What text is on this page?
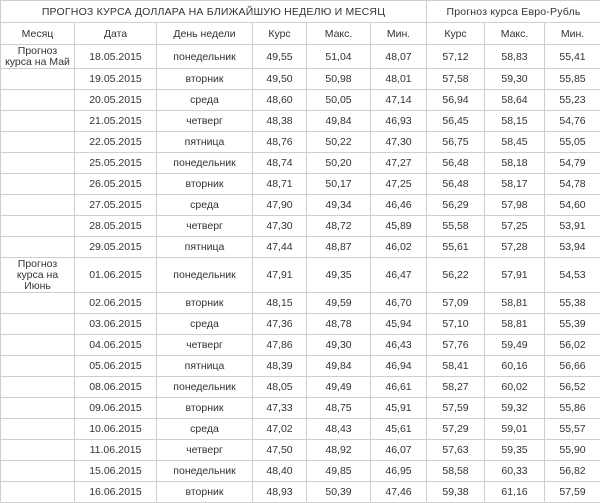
ПРОГНОЗ КУРСА ДОЛЛАРА НА БЛИЖАЙШУЮ НЕДЕЛЮ И МЕСЯЦ						Прогноз курса Евро-Рубль		
Месяц	Дата	День недели	Курс	Макс.	Мин.	Курс	Макс.	Мин.
Прогноз курса на Май	18.05.2015	понедельник	49,55	51,04	48,07	57,12	58,83	55,41
	19.05.2015	вторник	49,50	50,98	48,01	57,58	59,30	55,85
	20.05.2015	среда	48,60	50,05	47,14	56,94	58,64	55,23
	21.05.2015	четверг	48,38	49,84	46,93	56,45	58,15	54,76
	22.05.2015	пятница	48,76	50,22	47,30	56,75	58,45	55,05
	25.05.2015	понедельник	48,74	50,20	47,27	56,48	58,18	54,79
	26.05.2015	вторник	48,71	50,17	47,25	56,48	58,17	54,78
	27.05.2015	среда	47,90	49,34	46,46	56,29	57,98	54,60
	28.05.2015	четверг	47,30	48,72	45,89	55,58	57,25	53,91
	29.05.2015	пятница	47,44	48,87	46,02	55,61	57,28	53,94
Прогноз курса на Июнь	01.06.2015	понедельник	47,91	49,35	46,47	56,22	57,91	54,53
	02.06.2015	вторник	48,15	49,59	46,70	57,09	58,81	55,38
	03.06.2015	среда	47,36	48,78	45,94	57,10	58,81	55,39
	04.06.2015	четверг	47,86	49,30	46,43	57,76	59,49	56,02
	05.06.2015	пятница	48,39	49,84	46,94	58,41	60,16	56,66
	08.06.2015	понедельник	48,05	49,49	46,61	58,27	60,02	56,52
	09.06.2015	вторник	47,33	48,75	45,91	57,59	59,32	55,86
	10.06.2015	среда	47,02	48,43	45,61	57,29	59,01	55,57
	11.06.2015	четверг	47,50	48,92	46,07	57,63	59,35	55,90
	15.06.2015	понедельник	48,40	49,85	46,95	58,58	60,33	56,82
	16.06.2015	вторник	48,93	50,39	47,46	59,38	61,16	57,59
